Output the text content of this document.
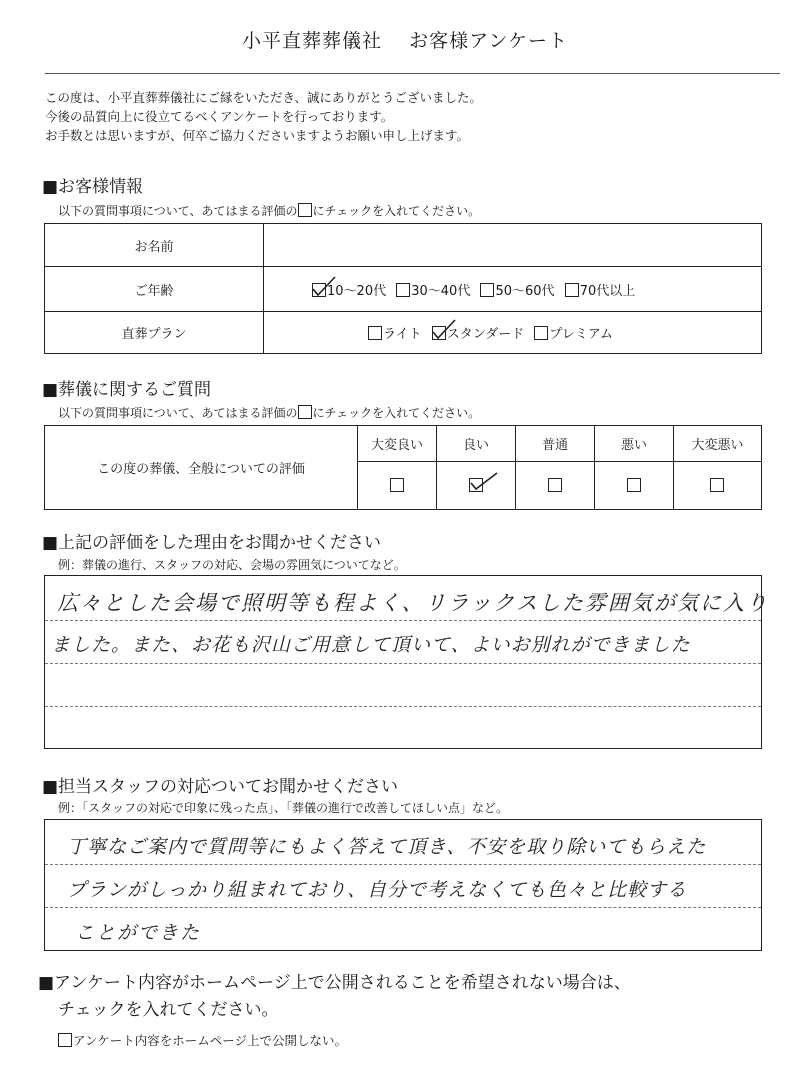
小平直葬葬儀社　 お客様アンケート
この度は、小平直葬葬儀社にご縁をいただき、誠にありがとうございました。
今後の品質向上に役立てるべくアンケートを行っております。
お手数とは思いますが、何卒ご協力くださいますようお願い申し上げます。
■お客様情報
以下の質問事項について、あてはまる評価の にチェックを入れてください。
お名前	
ご年齢	10～20代 30～40代 50～60代 70代以上
直葬プラン	ライト スタンダード プレミアム
■葬儀に関するご質問
以下の質問事項について、あてはまる評価の にチェックを入れてください。
この度の葬儀、全般についての評価	大変良い	良い	普通	悪い	大変悪い

■上記の評価をした理由をお聞かせください
例：葬儀の進行、スタッフの対応、会場の雰囲気についてなど。
広々とした会場で照明等も程よく、リラックスした雰囲気が気に入り
ました。また、お花も沢山ご用意して頂いて、よいお別れができました
■担当スタッフの対応ついてお聞かせください
例：「スタッフの対応で印象に残った点」、「葬儀の進行で改善してほしい点」など。
丁寧なご案内で質問等にもよく答えて頂き、不安を取り除いてもらえた
プランがしっかり組まれており、自分で考えなくても色々と比較する
ことができた
■アンケート内容がホームページ上で公開されることを希望されない場合は、
チェックを入れてください。
アンケート内容をホームページ上で公開しない。
